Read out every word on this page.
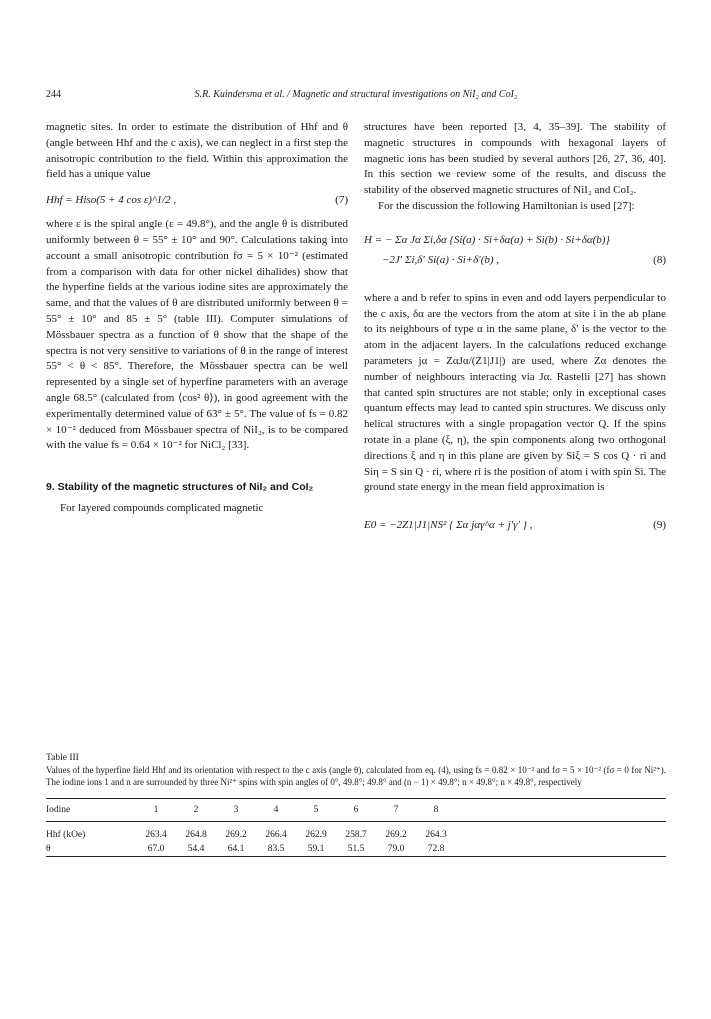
244	S.R. Kuindersma et al. / Magnetic and structural investigations on NiI₂ and CoI₂

magnetic sites. In order to estimate the distribution of Hhf and θ (angle between Hhf and the c axis), we can neglect in a first step the anisotropic contribution to the field. Within this approximation the field has a unique value

Hhf = Hiso(5 + 4 cos ε)^1/2 ,	(7)

where ε is the spiral angle (ε = 49.8°), and the angle θ is distributed uniformly between θ = 55° ± 10° and 90°. Calculations taking into account a small anisotropic contribution fσ = 5 × 10⁻² (estimated from a comparison with data for other nickel dihalides) show that the hyperfine fields at the various iodine sites are approximately the same, and that the values of θ are distributed uniformly between θ = 55° ± 10° and 85 ± 5° (table III). Computer simulations of Mössbauer spectra as a function of θ show that the shape of the spectra is not very sensitive to variations of θ in the range of interest 55° < θ < 85°. Therefore, the Mössbauer spectra can be well represented by a single set of hyperfine parameters with an average angle 68.5° (calculated from ⟨cos² θ⟩), in good agreement with the experimentally determined value of 63° ± 5°. The value of fs = 0.82 × 10⁻² deduced from Mössbauer spectra of NiI₂, is to be compared with the value fs = 0.64 × 10⁻² for NiCl₂ [33].

9. Stability of the magnetic structures of NiI₂ and CoI₂

For layered compounds complicated magnetic

structures have been reported [3, 4, 35–39]. The stability of magnetic structures in compounds with hexagonal layers of magnetic ions has been studied by several authors [26, 27, 36, 40]. In this section we review some of the results, and discuss the stability of the observed magnetic structures of NiI₂ and CoI₂.

For the discussion the following Hamiltonian is used [27]:

H = − Σα Jα Σi,δα {Si(a) · Si+δα(a) + Si(b) · Si+δα(b)}
−2J′ Σi,δ′ Si(a) · Si+δ′(b) ,	(8)

where a and b refer to spins in even and odd layers perpendicular to the c axis, δα are the vectors from the atom at site i in the ab plane to its neighbours of type α in the same plane, δ′ is the vector to the atom in the adjacent layers. In the calculations reduced exchange parameters jα = ZαJα/(Z1|J1|) are used, where Zα denotes the number of neighbours interacting via Jα. Rastelli [27] has shown that canted spin structures are not stable; only in exceptional cases quantum effects may lead to canted spin structures. We discuss only helical structures with a single propagation vector Q. If the spins rotate in a plane (ξ, η), the spin components along two orthogonal directions ξ and η in this plane are given by Siξ = S cos Q · ri and Siη = S sin Q · ri, where ri is the position of atom i with spin Si. The ground state energy in the mean field approximation is

E0 = −2Z1|J1|NS² { Σα jαγ^α + j′γ′ } ,	(9)
Table III
Values of the hyperfine field Hhf and its orientation with respect to the c axis (angle θ), calculated from eq. (4), using fs = 0.82 × 10⁻² and fσ = 5 × 10⁻² (fσ = 0 for Ni²⁺). The iodine ions 1 and n are surrounded by three Ni²⁺ spins with spin angles of 0°, 49.8°; 49.8° and (n − 1) × 49.8°; n × 49.8°; n × 49.8°, respectively
Iodine	1	2	3	4	5	6	7	8	
Hhf (kOe)	263.4	264.8	269.2	266.4	262.9	258.7	269.2	264.3	
θ	67.0	54.4	64.1	83.5	59.1	51.5	79.0	72.8	
